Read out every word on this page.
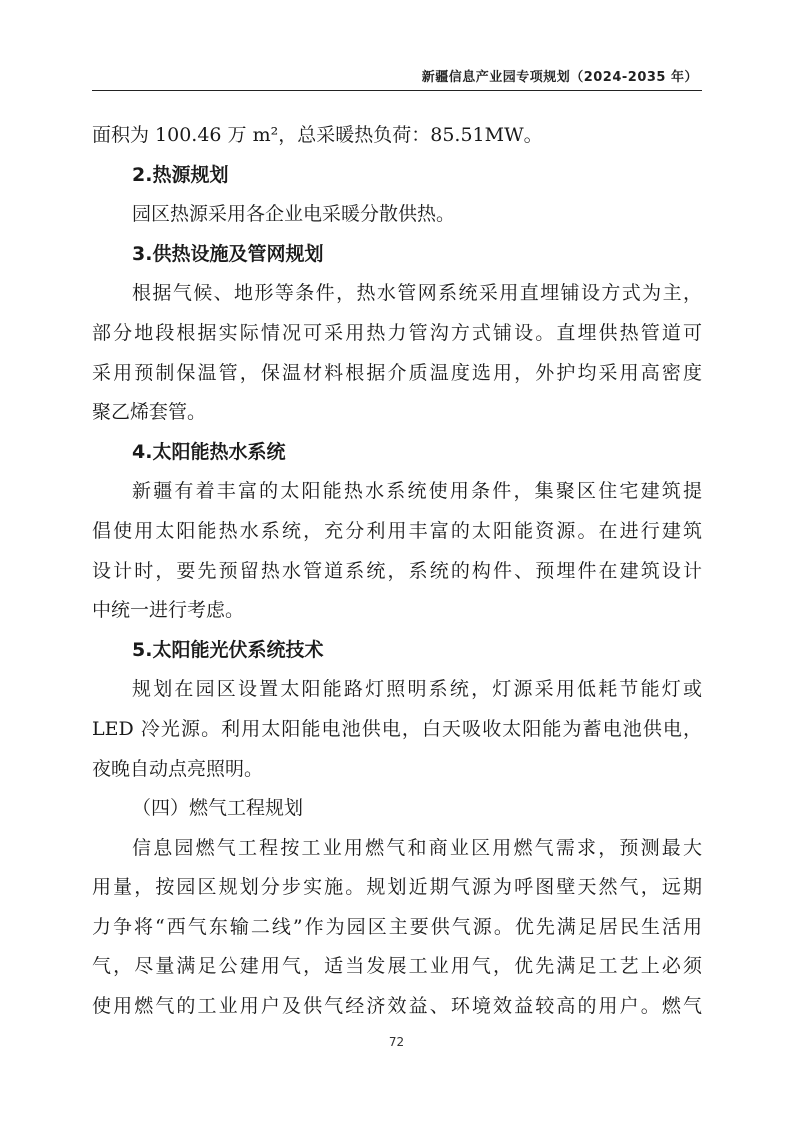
新疆信息产业园专项规划（2024-2035 年）
面积为 100.46 万 m²，总采暖热负荷：85.51MW。
2.热源规划
园区热源采用各企业电采暖分散供热。
3.供热设施及管网规划
根据气候、地形等条件，热水管网系统采用直埋铺设方式为主，
部分地段根据实际情况可采用热力管沟方式铺设。直埋供热管道可
采用预制保温管，保温材料根据介质温度选用，外护均采用高密度
聚乙烯套管。
4.太阳能热水系统
新疆有着丰富的太阳能热水系统使用条件，集聚区住宅建筑提
倡使用太阳能热水系统，充分利用丰富的太阳能资源。在进行建筑
设计时，要先预留热水管道系统，系统的构件、预埋件在建筑设计
中统一进行考虑。
5.太阳能光伏系统技术
规划在园区设置太阳能路灯照明系统，灯源采用低耗节能灯或
LED 冷光源。利用太阳能电池供电，白天吸收太阳能为蓄电池供电，
夜晚自动点亮照明。
（四）燃气工程规划
信息园燃气工程按工业用燃气和商业区用燃气需求，预测最大
用量，按园区规划分步实施。规划近期气源为呼图壁天然气，远期
力争将“西气东输二线”作为园区主要供气源。优先满足居民生活用
气，尽量满足公建用气，适当发展工业用气，优先满足工艺上必须
使用燃气的工业用户及供气经济效益、环境效益较高的用户。燃气
72
